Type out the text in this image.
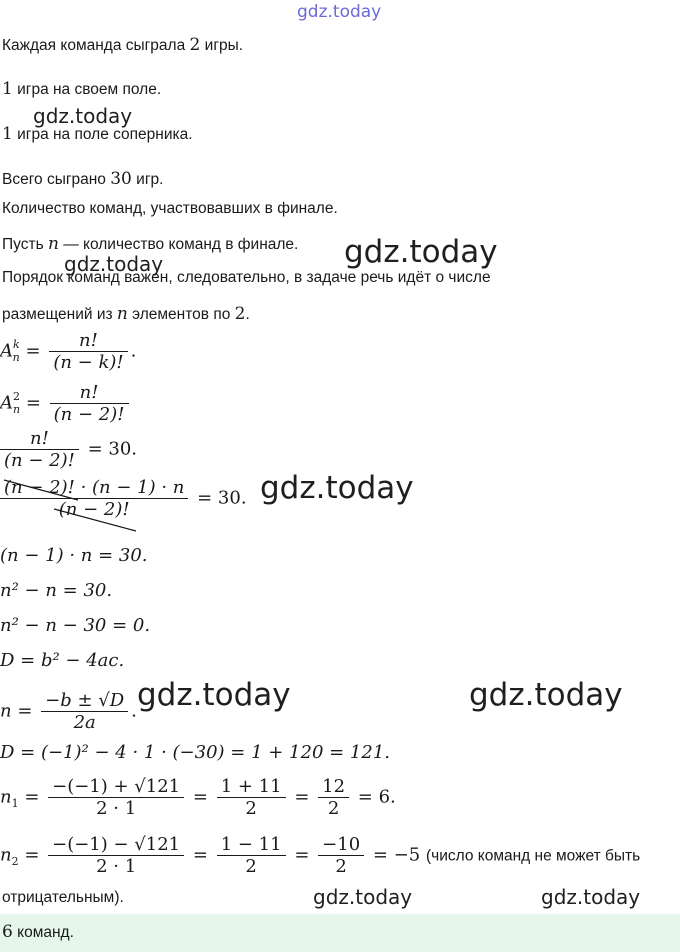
gdz.today
gdz.today
gdz.today
gdz.today
gdz.today
gdz.today	gdz.today
gdz.today	gdz.today
Каждая команда сыграла 2 игры.
1 игра на своем поле.
1 игра на поле соперника.
Всего сыграно 30 игр.
Количество команд, участвовавших в финале.
Пусть n — количество команд в финале.
Порядок команд важен, следовательно, в задаче речь идёт о числе
размещений из n элементов по 2.
$A^k_n = \frac{n!}{(n - k)!}$ .
$A^2_n = \frac{n!}{(n - 2)!}$
$\frac{n!}{(n - 2)!} = 30$.
$\frac{(n - 2)! \cdot (n - 1) \cdot n}{(n - 2)!} = 30$.
(n − 1) · n = 30.
n² − n = 30.
n² − n − 30 = 0.
D = b² − 4ac.
$n = \frac{-b \pm √D}{2a}$ .
D = (−1)² − 4 · 1 · (−30) = 1 + 120 = 121.
$n_1 = \frac{-(-1) + √121}{2 \cdot 1} = \frac{1 + 11}{2} = \frac{12}{2} = 6$.
$n_2 = \frac{-(-1) - √121}{2 \cdot 1} = \frac{1 - 11}{2} = \frac{-10}{2} = -5$ (число команд не может быть
отрицательным).
6 команд.
